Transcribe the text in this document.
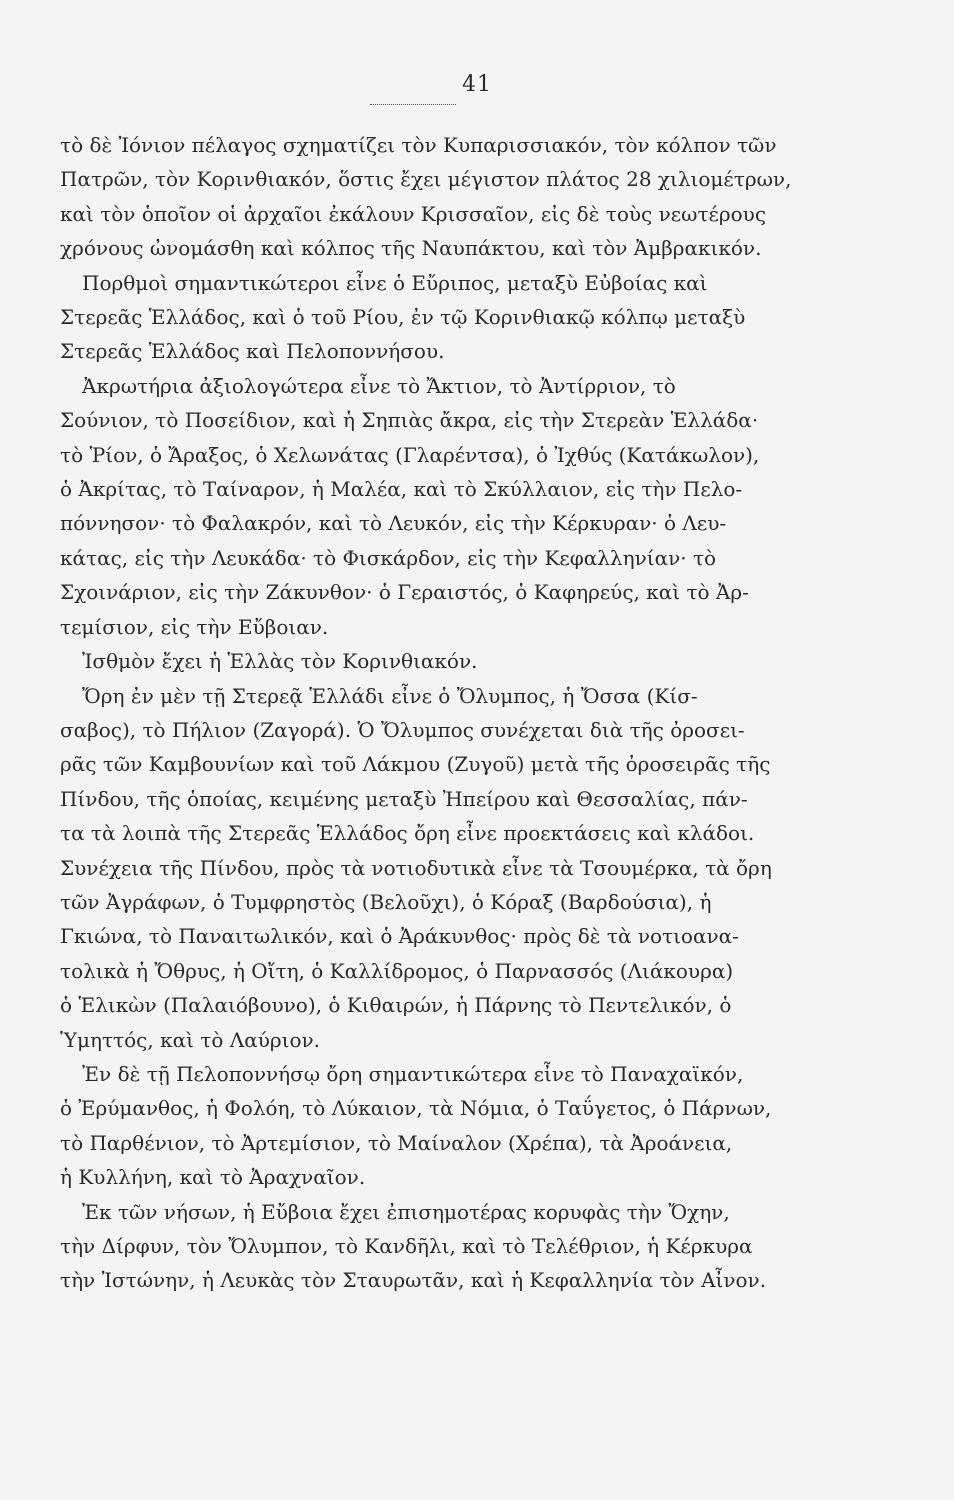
41
τὸ δὲ Ἰόνιον πέλαγος σχηματίζει τὸν Κυπαρισσιακόν, τὸν κόλπον τῶν
Πατρῶν, τὸν Κορινθιακόν, ὅστις ἔχει μέγιστον πλάτος 28 χιλιομέτρων,
καὶ τὸν ὁποῖον οἱ ἀρχαῖοι ἐκάλουν Κρισσαῖον, εἰς δὲ τοὺς νεωτέρους
χρόνους ὠνομάσθη καὶ κόλπος τῆς Ναυπάκτου, καὶ τὸν Ἀμβρακικόν.
Πορθμοὶ σημαντικώτεροι εἶνε ὁ Εὔριπος, μεταξὺ Εὐβοίας καὶ
Στερεᾶς Ἑλλάδος, καὶ ὁ τοῦ Ρίου, ἐν τῷ Κορινθιακῷ κόλπῳ μεταξὺ
Στερεᾶς Ἑλλάδος καὶ Πελοποννήσου.
Ἀκρωτήρια ἀξιολογώτερα εἶνε τὸ Ἄκτιον, τὸ Ἀντίρριον, τὸ
Σούνιον, τὸ Ποσείδιον, καὶ ἡ Σηπιὰς ἄκρα, εἰς τὴν Στερεὰν Ἑλλάδα·
τὸ Ῥίον, ὁ Ἄραξος, ὁ Χελωνάτας (Γλαρέντσα), ὁ Ἰχθύς (Κατάκωλον),
ὁ Ἀκρίτας, τὸ Ταίναρον, ἡ Μαλέα, καὶ τὸ Σκύλλαιον, εἰς τὴν Πελο-
πόννησον· τὸ Φαλακρόν, καὶ τὸ Λευκόν, εἰς τὴν Κέρκυραν· ὁ Λευ-
κάτας, εἰς τὴν Λευκάδα· τὸ Φισκάρδον, εἰς τὴν Κεφαλληνίαν· τὸ
Σχοινάριον, εἰς τὴν Ζάκυνθον· ὁ Γεραιστός, ὁ Καφηρεύς, καὶ τὸ Ἀρ-
τεμίσιον, εἰς τὴν Εὔβοιαν.
Ἰσθμὸν ἔχει ἡ Ἑλλὰς τὸν Κορινθιακόν.
Ὄρη ἐν μὲν τῇ Στερεᾷ Ἑλλάδι εἶνε ὁ Ὄλυμπος, ἡ Ὄσσα (Κίσ-
σαβος), τὸ Πήλιον (Ζαγορά). Ὁ Ὄλυμπος συνέχεται διὰ τῆς ὀροσει-
ρᾶς τῶν Καμβουνίων καὶ τοῦ Λάκμου (Ζυγοῦ) μετὰ τῆς ὀροσειρᾶς τῆς
Πίνδου, τῆς ὁποίας, κειμένης μεταξὺ Ἠπείρου καὶ Θεσσαλίας, πάν-
τα τὰ λοιπὰ τῆς Στερεᾶς Ἑλλάδος ὄρη εἶνε προεκτάσεις καὶ κλάδοι.
Συνέχεια τῆς Πίνδου, πρὸς τὰ νοτιοδυτικὰ εἶνε τὰ Τσουμέρκα, τὰ ὄρη
τῶν Ἀγράφων, ὁ Τυμφρηστὸς (Βελοῦχι), ὁ Κόραξ (Βαρδούσια), ἡ
Γκιώνα, τὸ Παναιτωλικόν, καὶ ὁ Ἀράκυνθος· πρὸς δὲ τὰ νοτιοανα-
τολικὰ ἡ Ὄθρυς, ἡ Οἴτη, ὁ Καλλίδρομος, ὁ Παρνασσός (Λιάκουρα)
ὁ Ἑλικὼν (Παλαιόβουνο), ὁ Κιθαιρών, ἡ Πάρνης τὸ Πεντελικόν, ὁ
Ὑμηττός, καὶ τὸ Λαύριον.
Ἐν δὲ τῇ Πελοποννήσῳ ὄρη σημαντικώτερα εἶνε τὸ Παναχαϊκόν,
ὁ Ἐρύμανθος, ἡ Φολόη, τὸ Λύκαιον, τὰ Νόμια, ὁ Ταΰγετος, ὁ Πάρνων,
τὸ Παρθένιον, τὸ Ἀρτεμίσιον, τὸ Μαίναλον (Χρέπα), τὰ Ἀροάνεια,
ἡ Κυλλήνη, καὶ τὸ Ἀραχναῖον.
Ἐκ τῶν νήσων, ἡ Εὔβοια ἔχει ἐπισημοτέρας κορυφὰς τὴν Ὄχην,
τὴν Δίρφυν, τὸν Ὄλυμπον, τὸ Κανδῆλι, καὶ τὸ Τελέθριον, ἡ Κέρκυρα
τὴν Ἰστώνην, ἡ Λευκὰς τὸν Σταυρωτᾶν, καὶ ἡ Κεφαλληνία τὸν Αἶνον.
